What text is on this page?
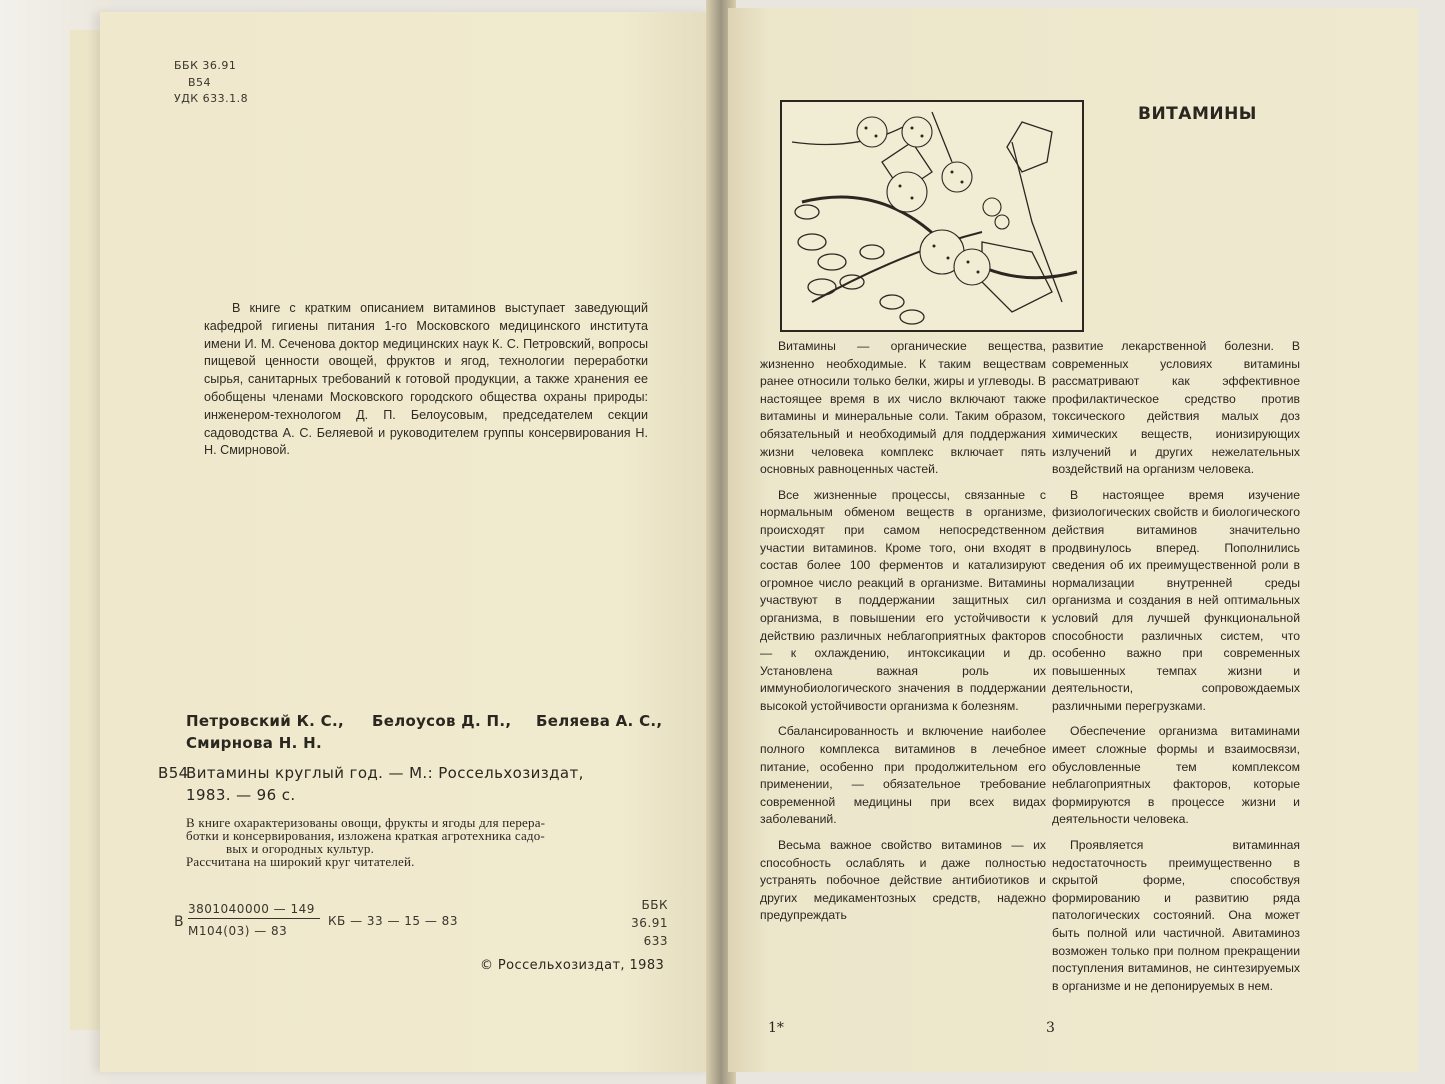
ББК 36.91
В54
УДК 633.1.8
В книге с кратким описанием витаминов выступает заведующий кафедрой гигиены питания 1-го Московского медицинского института имени И. М. Сеченова доктор медицинских наук К. С. Петровский, вопросы пищевой ценности овощей, фруктов и ягод, технологии переработки сырья, санитарных требований к готовой продукции, а также хранения ее обобщены членами Московского городского общества охраны природы: инженером-технологом Д. П. Белоусовым, председателем секции садоводства А. С. Беляевой и руководителем группы консервирования Н. Н. Смирновой.
Петровский К. С., Белоусов Д. П., Беляева А. С.,
Смирнова Н. Н.
В54
Витамины круглый год. — М.: Россельхозиздат,
1983. — 96 с.
В книге охарактеризованы овощи, фрукты и ягоды для перера-
ботки и консервирования, изложена краткая агротехника садо-
вых и огородных культур.
Рассчитана на широкий круг читателей.
В
3801040000 — 149
М104(03) — 83
КБ — 33 — 15 — 83
ББК 36.91
633
© Россельхозиздат, 1983
ВИТАМИНЫ

Витамины — органические вещества, жизненно необходимые. К таким веществам ранее относили только белки, жиры и углеводы. В настоящее время в их число включают также витамины и минеральные соли. Таким образом, обязательный и необходимый для поддержания жизни человека комплекс включает пять основных равноценных частей.

Все жизненные процессы, связанные с нормальным обменом веществ в организме, происходят при самом непосредственном участии витаминов. Кроме того, они входят в состав более 100 ферментов и катализируют огромное число реакций в организме. Витамины участвуют в поддержании защитных сил организма, в повышении его устойчивости к действию различных неблагоприятных факторов — к охлаждению, интоксикации и др. Установлена важная роль их иммунобиологического значения в поддержании высокой устойчивости организма к болезням.

Сбалансированность и включение наиболее полного комплекса витаминов в лечебное питание, особенно при продолжительном его применении, — обязательное требование современной медицины при всех видах заболеваний.

Весьма важное свойство витаминов — их способность ослаблять и даже полностью устранять побочное действие антибиотиков и других медикаментозных средств, надежно предупреждать

развитие лекарственной болезни. В современных условиях витамины рассматривают как эффективное профилактическое средство против токсического действия малых доз химических веществ, ионизирующих излучений и других нежелательных воздействий на организм человека.

В настоящее время изучение физиологических свойств и биологического действия витаминов значительно продвинулось вперед. Пополнились сведения об их преимущественной роли в нормализации внутренней среды организма и создания в ней оптимальных условий для лучшей функциональной способности различных систем, что особенно важно при современных повышенных темпах жизни и деятельности, сопровождаемых различными перегрузками.

Обеспечение организма витаминами имеет сложные формы и взаимосвязи, обусловленные тем комплексом неблагоприятных факторов, которые формируются в процессе жизни и деятельности человека.

Проявляется витаминная недостаточность преимущественно в скрытой форме, способствуя формированию и развитию ряда патологических состояний. Она может быть полной или частичной. Авитаминоз возможен только при полном прекращении поступления витаминов, не синтезируемых в организме и не депонируемых в нем.

1*	3
